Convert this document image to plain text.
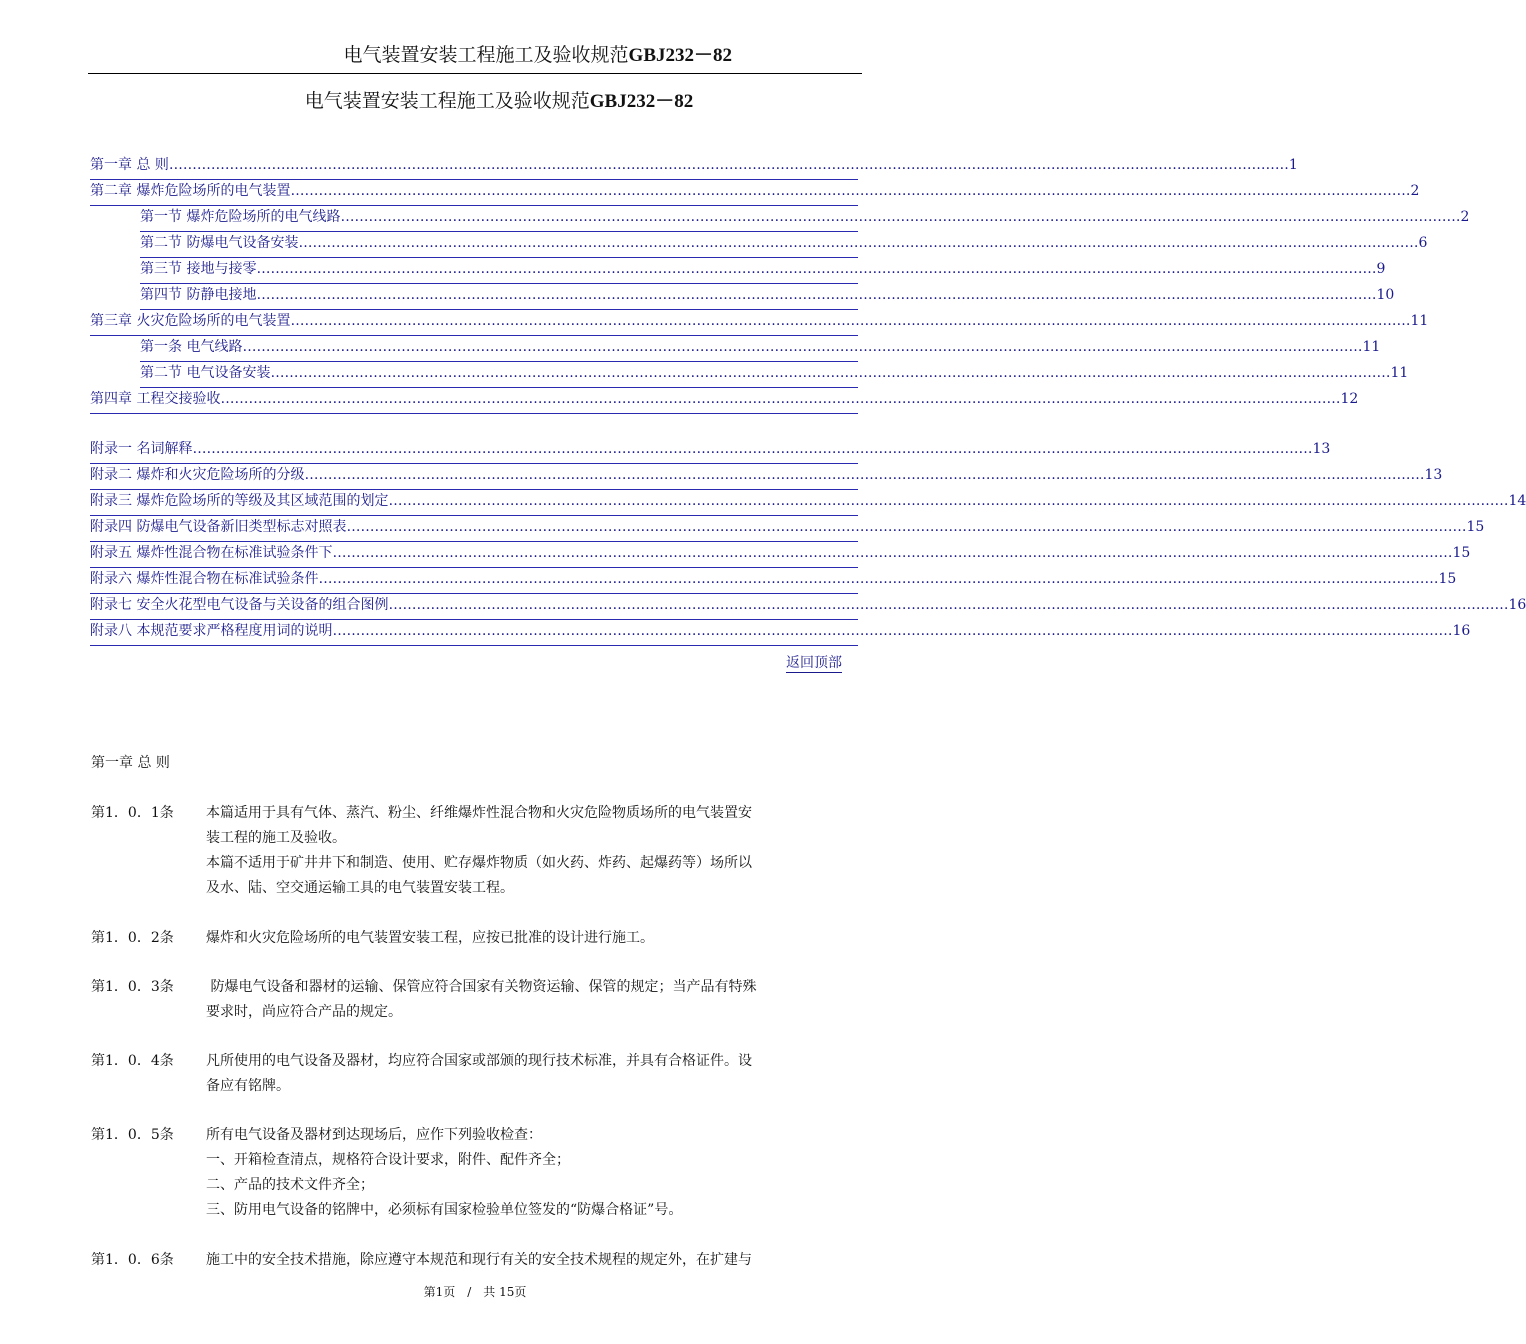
电气装置安装工程施工及验收规范GBJ232－82
电气装置安装工程施工及验收规范GBJ232－82
第一章 总 则 …………………………………………………………………………………………………………………………………………………………………………………………………………………… 1
第二章 爆炸危险场所的电气装置 …………………………………………………………………………………………………………………………………………………………………………………………………………………… 2
第一节 爆炸危险场所的电气线路 …………………………………………………………………………………………………………………………………………………………………………………………………………………… 2
第二节 防爆电气设备安装 …………………………………………………………………………………………………………………………………………………………………………………………………………………… 6
第三节 接地与接零 …………………………………………………………………………………………………………………………………………………………………………………………………………………… 9
第四节 防静电接地 …………………………………………………………………………………………………………………………………………………………………………………………………………………… 10
第三章 火灾危险场所的电气装置 …………………………………………………………………………………………………………………………………………………………………………………………………………………… 11
第一条 电气线路 …………………………………………………………………………………………………………………………………………………………………………………………………………………… 11
第二节 电气设备安装 …………………………………………………………………………………………………………………………………………………………………………………………………………………… 11
第四章 工程交接验收 …………………………………………………………………………………………………………………………………………………………………………………………………………………… 12
附录一 名词解释 …………………………………………………………………………………………………………………………………………………………………………………………………………………… 13
附录二 爆炸和火灾危险场所的分级 …………………………………………………………………………………………………………………………………………………………………………………………………………………… 13
附录三 爆炸危险场所的等级及其区域范围的划定 …………………………………………………………………………………………………………………………………………………………………………………………………………………… 14
附录四 防爆电气设备新旧类型标志对照表 …………………………………………………………………………………………………………………………………………………………………………………………………………………… 15
附录五 爆炸性混合物在标准试验条件下 …………………………………………………………………………………………………………………………………………………………………………………………………………………… 15
附录六 爆炸性混合物在标准试验条件 …………………………………………………………………………………………………………………………………………………………………………………………………………………… 15
附录七 安全火花型电气设备与关设备的组合图例 …………………………………………………………………………………………………………………………………………………………………………………………………………………… 16
附录八 本规范要求严格程度用词的说明 …………………………………………………………………………………………………………………………………………………………………………………………………………………… 16
返回顶部
第一章 总 则
第1．0．1条	本篇适用于具有气体、蒸汽、粉尘、纤维爆炸性混合物和火灾危险物质场所的电气装置安
装工程的施工及验收。
本篇不适用于矿井井下和制造、使用、贮存爆炸物质（如火药、炸药、起爆药等）场所以
及水、陆、空交通运输工具的电气装置安装工程。
第1．0．2条	爆炸和火灾危险场所的电气装置安装工程，应按已批准的设计进行施工。
第1．0．3条	防爆电气设备和器材的运输、保管应符合国家有关物资运输、保管的规定；当产品有特殊
要求时，尚应符合产品的规定。
第1．0．4条	凡所使用的电气设备及器材，均应符合国家或部颁的现行技术标准，并具有合格证件。设
备应有铭牌。
第1．0．5条	所有电气设备及器材到达现场后，应作下列验收检查：
一、开箱检查清点，规格符合设计要求，附件、配件齐全；
二、产品的技术文件齐全；
三、防用电气设备的铭牌中，必须标有国家检验单位签发的“防爆合格证”号。
第1．0．6条	施工中的安全技术措施，除应遵守本规范和现行有关的安全技术规程的规定外，在扩建与
第1页 / 共 15页
